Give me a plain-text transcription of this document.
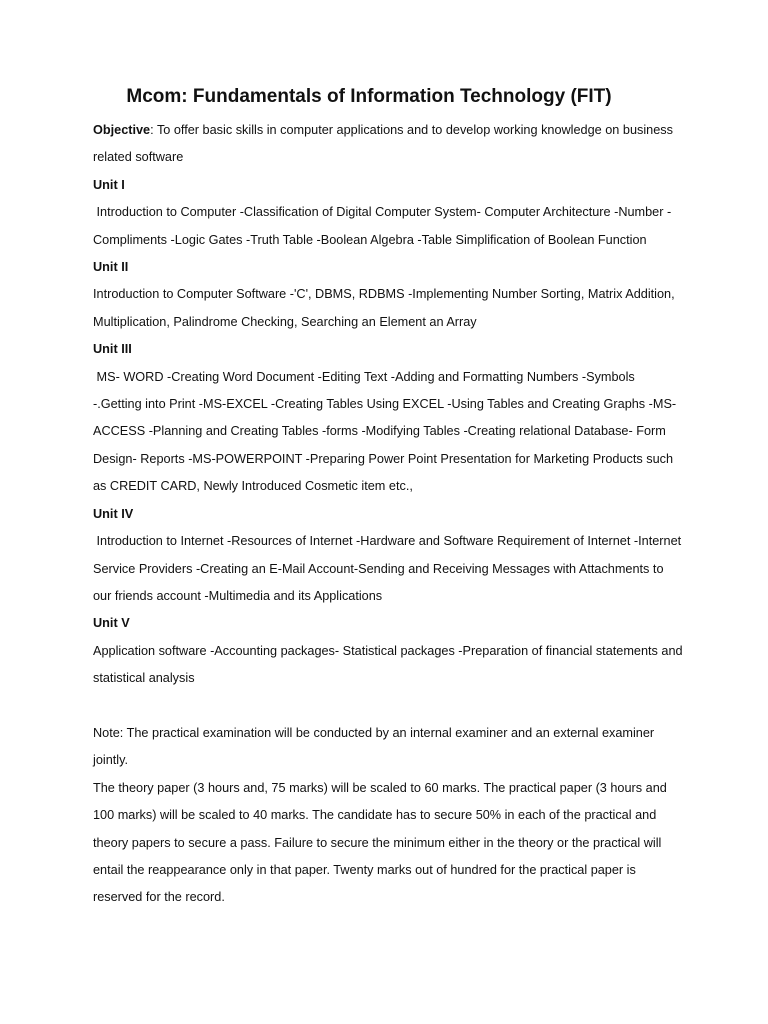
Mcom: Fundamentals of Information Technology (FIT)

Objective: To offer basic skills in computer applications and to develop working knowledge on business related software

Unit I

Introduction to Computer -Classification of Digital Computer System- Computer Architecture -Number -Compliments -Logic Gates -Truth Table -Boolean Algebra -Table Simplification of Boolean Function

Unit II

Introduction to Computer Software -'C', DBMS, RDBMS -Implementing Number Sorting, Matrix Addition, Multiplication, Palindrome Checking, Searching an Element an Array

Unit III

MS- WORD -Creating Word Document -Editing Text -Adding and Formatting Numbers -Symbols -.Getting into Print -MS-EXCEL -Creating Tables Using EXCEL -Using Tables and Creating Graphs -MS-ACCESS -Planning and Creating Tables -forms -Modifying Tables -Creating relational Database- Form Design- Reports -MS-POWERPOINT -Preparing Power Point Presentation for Marketing Products such as CREDIT CARD, Newly Introduced Cosmetic item etc.,

Unit IV

Introduction to Internet -Resources of Internet -Hardware and Software Requirement of Internet -Internet Service Providers -Creating an E-Mail Account-Sending and Receiving Messages with Attachments to our friends account -Multimedia and its Applications

Unit V

Application software -Accounting packages- Statistical packages -Preparation of financial statements and statistical analysis

Note: The practical examination will be conducted by an internal examiner and an external examiner jointly.

The theory paper (3 hours and, 75 marks) will be scaled to 60 marks. The practical paper (3 hours and 100 marks) will be scaled to 40 marks. The candidate has to secure 50% in each of the practical and theory papers to secure a pass. Failure to secure the minimum either in the theory or the practical will entail the reappearance only in that paper. Twenty marks out of hundred for the practical paper is reserved for the record.
